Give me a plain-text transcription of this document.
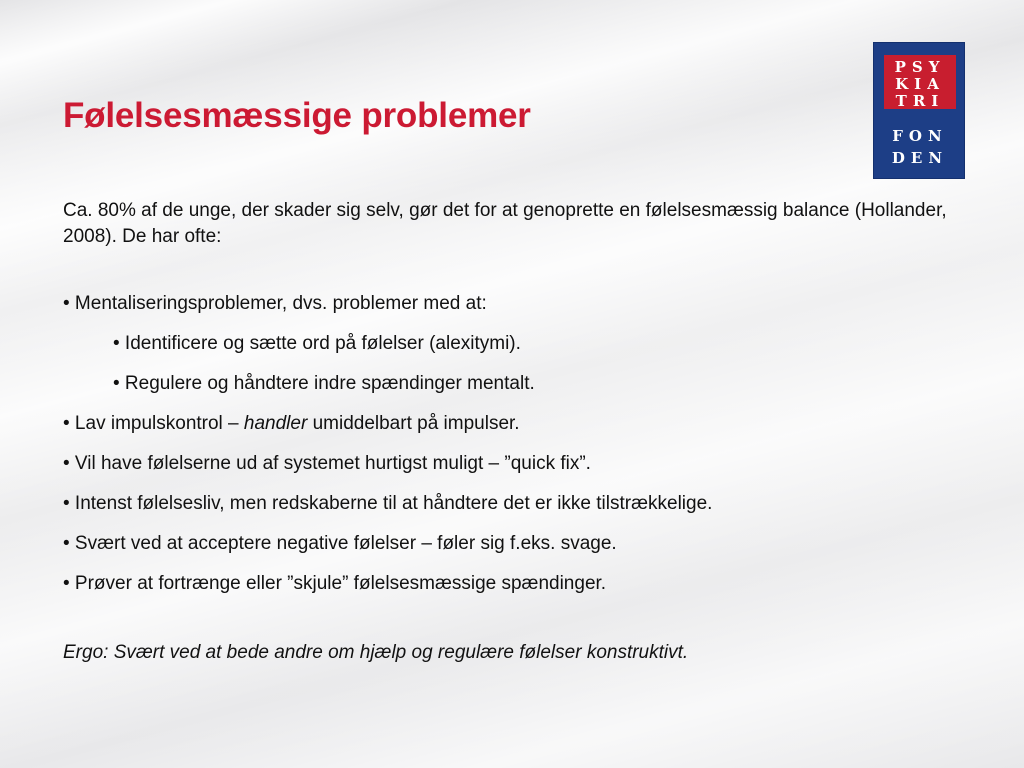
Følelsesmæssige problemer
PSY
KIA
TRI
FON
DEN
Ca. 80% af de unge, der skader sig selv, gør det for at genoprette en følelsesmæssig balance (Hollander, 2008). De har ofte:
• Mentaliseringsproblemer, dvs. problemer med at:
• Identificere og sætte ord på følelser (alexitymi).
• Regulere og håndtere indre spændinger mentalt.
• Lav impulskontrol – handler umiddelbart på impulser.
• Vil have følelserne ud af systemet hurtigst muligt – ”quick fix”.
• Intenst følelsesliv, men redskaberne til at håndtere det er ikke tilstrækkelige.
• Svært ved at acceptere negative følelser – føler sig f.eks. svage.
• Prøver at fortrænge eller ”skjule” følelsesmæssige spændinger.
Ergo: Svært ved at bede andre om hjælp og regulære følelser konstruktivt.
